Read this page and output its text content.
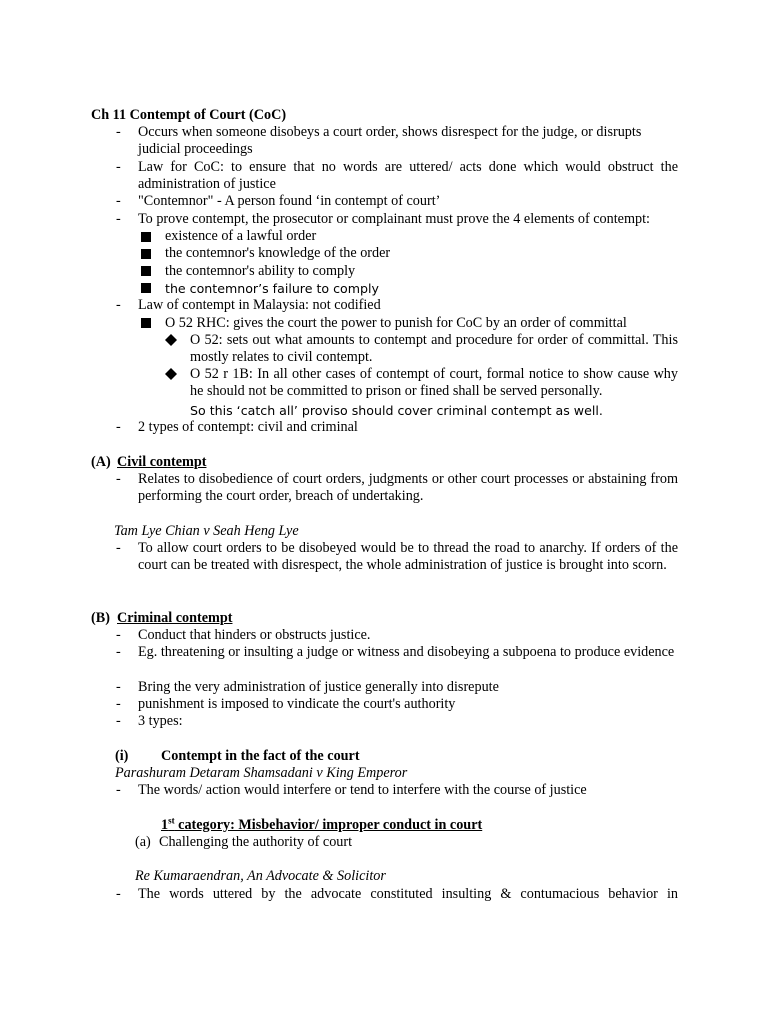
Ch 11 Contempt of Court (CoC)
-	Occurs when someone disobeys a court order, shows disrespect for the judge, or disrupts judicial proceedings
-	Law for CoC: to ensure that no words are uttered/ acts done which would obstruct the administration of justice
-	"Contemnor" - A person found ‘in contempt of court’
-	To prove contempt, the prosecutor or complainant must prove the 4 elements of contempt:
existence of a lawful order
the contemnor's knowledge of the order
the contemnor's ability to comply
the contemnor’s failure to comply
-	Law of contempt in Malaysia: not codified
O 52 RHC: gives the court the power to punish for CoC by an order of committal
O 52: sets out what amounts to contempt and procedure for order of committal. This mostly relates to civil contempt.
O 52 r 1B: In all other cases of contempt of court, formal notice to show cause why he should not be committed to prison or fined shall be served personally.
So this ‘catch all’ proviso should cover criminal contempt as well.
-	2 types of contempt: civil and criminal
(A) Civil contempt
-	Relates to disobedience of court orders, judgments or other court processes or abstaining from performing the court order, breach of undertaking.
Tam Lye Chian v Seah Heng Lye
-	To allow court orders to be disobeyed would be to thread the road to anarchy. If orders of the court can be treated with disrespect, the whole administration of justice is brought into scorn.
(B) Criminal contempt
-	Conduct that hinders or obstructs justice.
-	Eg. threatening or insulting a judge or witness and disobeying a subpoena to produce evidence
-	Bring the very administration of justice generally into disrepute
-	punishment is imposed to vindicate the court's authority
-	3 types:
(i) Contempt in the fact of the court
Parashuram Detaram Shamsadani v King Emperor
-	The words/ action would interfere or tend to interfere with the course of justice
1st category: Misbehavior/ improper conduct in court
(a) Challenging the authority of court
Re Kumaraendran, An Advocate & Solicitor
-	The words uttered by the advocate constituted insulting & contumacious behavior in
